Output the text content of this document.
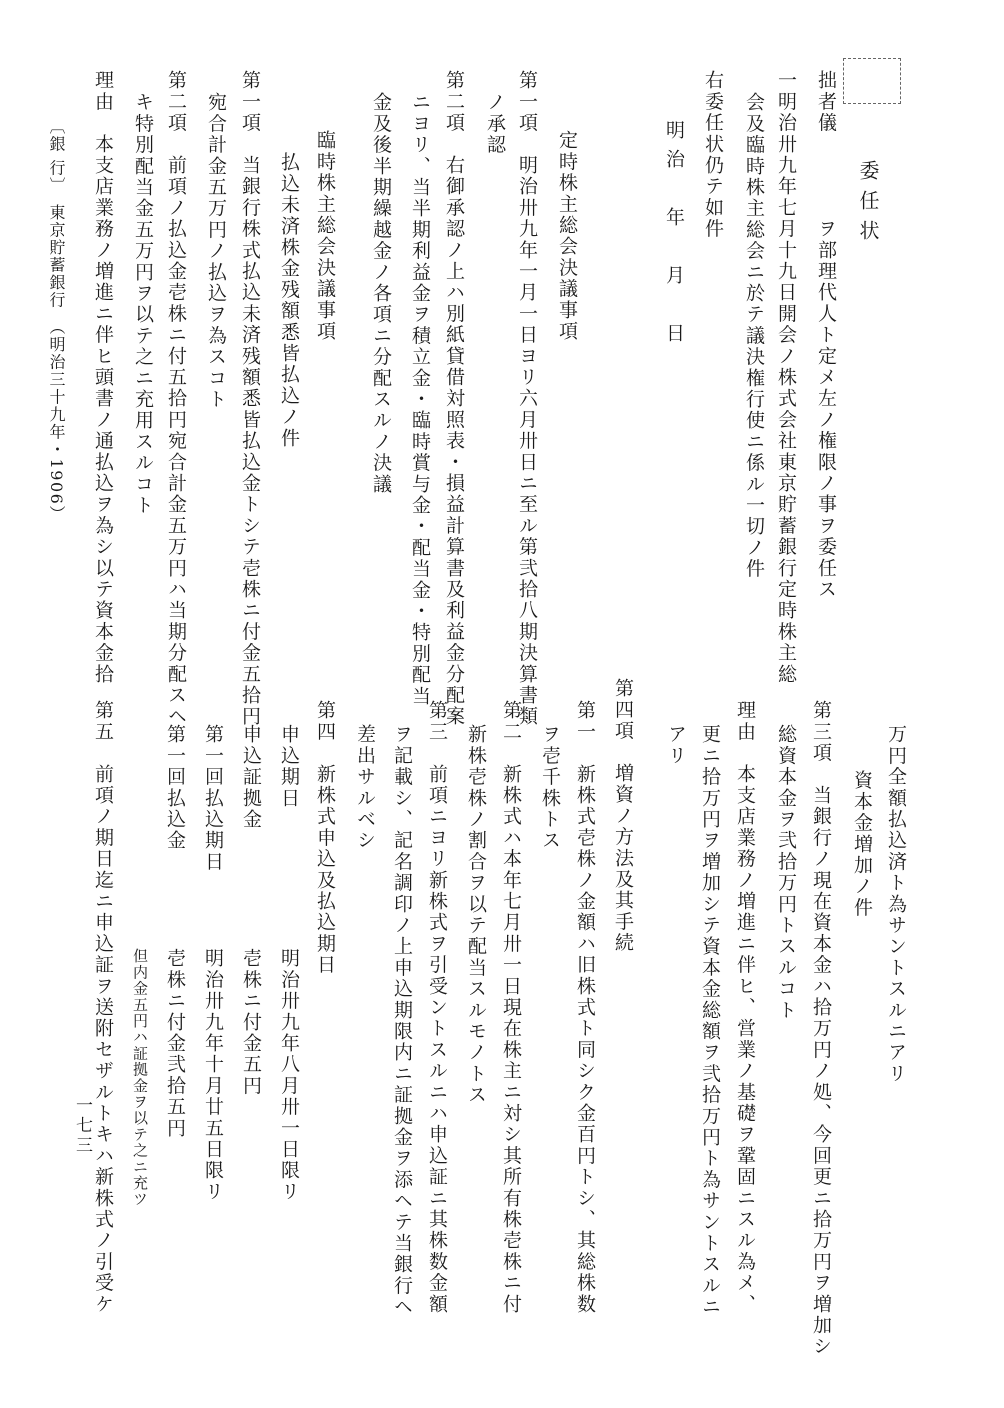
委任状
拙者儀　　　　ヲ部理代人ト定メ左ノ権限ノ事ヲ委任ス
一明治卅九年七月十九日開会ノ株式会社東京貯蓄銀行定時株主総
会及臨時株主総会ニ於テ議決権行使ニ係ル一切ノ件
右委任状仍テ如件
明治　年　月　日
定時株主総会決議事項
第一項　明治卅九年一月一日ヨリ六月卅日ニ至ル第弐拾八期決算書類
ノ承認
第二項　右御承認ノ上ハ別紙貸借対照表・損益計算書及利益金分配案
ニヨリ、当半期利益金ヲ積立金・臨時賞与金・配当金・特別配当
金及後半期繰越金ノ各項ニ分配スルノ決議
臨時株主総会決議事項
払込未済株金残額悉皆払込ノ件
第一項　当銀行株式払込未済残額悉皆払込金トシテ壱株ニ付金五拾円
宛合計金五万円ノ払込ヲ為スコト
第二項　前項ノ払込金壱株ニ付五拾円宛合計金五万円ハ当期分配スヘ
キ特別配当金五万円ヲ以テ之ニ充用スルコト
理由　本支店業務ノ増進ニ伴ヒ頭書ノ通払込ヲ為シ以テ資本金拾
〔銀 行〕　東京貯蓄銀行　（明治三十九年・1906）
万円全額払込済ト為サントスルニアリ
資本金増加ノ件
第三項　当銀行ノ現在資本金ハ拾万円ノ処、今回更ニ拾万円ヲ増加シ
総資本金ヲ弐拾万円トスルコト
理由　本支店業務ノ増進ニ伴ヒ、営業ノ基礎ヲ鞏固ニスル為メ、
更ニ拾万円ヲ増加シテ資本金総額ヲ弐拾万円ト為サントスルニ
アリ
第四項　増資ノ方法及其手続
第一　新株式壱株ノ金額ハ旧株式ト同シク金百円トシ、其総株数
ヲ壱千株トス
第二　新株式ハ本年七月卅一日現在株主ニ対シ其所有株壱株ニ付
新株壱株ノ割合ヲ以テ配当スルモノトス
第三　前項ニヨリ新株式ヲ引受ントスルニハ申込証ニ其株数金額
ヲ記載シ、記名調印ノ上申込期限内ニ証拠金ヲ添ヘテ当銀行ヘ
差出サルベシ
第四　新株式申込及払込期日
申込期日
明治卅九年八月卅一日限リ
申込証拠金
壱株ニ付金五円
第一回払込期日
明治卅九年十月廿五日限リ
第一回払込金
壱株ニ付金弐拾五円
但内金五円ハ証拠金ヲ以テ之ニ充ツ
第五　前項ノ期日迄ニ申込証ヲ送附セザルトキハ新株式ノ引受ケ
一七三
